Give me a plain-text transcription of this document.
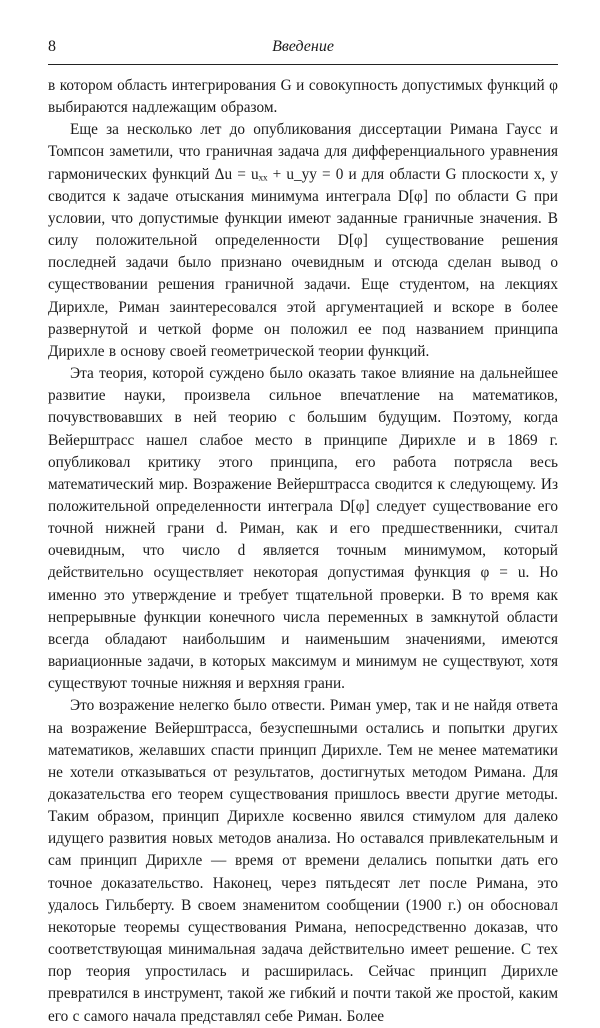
8	Введение

в котором область интегрирования G и совокупность допустимых функций φ выбираются надлежащим образом.

Еще за несколько лет до опубликования диссертации Римана Гаусс и Томпсон заметили, что граничная задача для дифференциального уравнения гармонических функций Δu = uₓₓ + u_yy = 0 и для области G плоскости x, y сводится к задаче отыскания минимума интеграла D[φ] по области G при условии, что допустимые функции имеют заданные граничные значения. В силу положительной определенности D[φ] существование решения последней задачи было признано очевидным и отсюда сделан вывод о существовании решения граничной задачи. Еще студентом, на лекциях Дирихле, Риман заинтересовался этой аргументацией и вскоре в более развернутой и четкой форме он положил ее под названием принципа Дирихле в основу своей геометрической теории функций.

Эта теория, которой суждено было оказать такое влияние на дальнейшее развитие науки, произвела сильное впечатление на математиков, почувствовавших в ней теорию с большим будущим. Поэтому, когда Вейерштрасс нашел слабое место в принципе Дирихле и в 1869 г. опубликовал критику этого принципа, его работа потрясла весь математический мир. Возражение Вейерштрасса сводится к следующему. Из положительной определенности интеграла D[φ] следует существование его точной нижней грани d. Риман, как и его предшественники, считал очевидным, что число d является точным минимумом, который действительно осуществляет некоторая допустимая функция φ = u. Но именно это утверждение и требует тщательной проверки. В то время как непрерывные функции конечного числа переменных в замкнутой области всегда обладают наибольшим и наименьшим значениями, имеются вариационные задачи, в которых максимум и минимум не существуют, хотя существуют точные нижняя и верхняя грани.

Это возражение нелегко было отвести. Риман умер, так и не найдя ответа на возражение Вейерштрасса, безуспешными остались и попытки других математиков, желавших спасти принцип Дирихле. Тем не менее математики не хотели отказываться от результатов, достигнутых методом Римана. Для доказательства его теорем существования пришлось ввести другие методы. Таким образом, принцип Дирихле косвенно явился стимулом для далеко идущего развития новых методов анализа. Но оставался привлекательным и сам принцип Дирихле — время от времени делались попытки дать его точное доказательство. Наконец, через пятьдесят лет после Римана, это удалось Гильберту. В своем знаменитом сообщении (1900 г.) он обосновал некоторые теоремы существования Римана, непосредственно доказав, что соответствующая минимальная задача действительно имеет решение. С тех пор теория упростилась и расширилась. Сейчас принцип Дирихле превратился в инструмент, такой же гибкий и почти такой же простой, каким его с самого начала представлял себе Риман. Более
